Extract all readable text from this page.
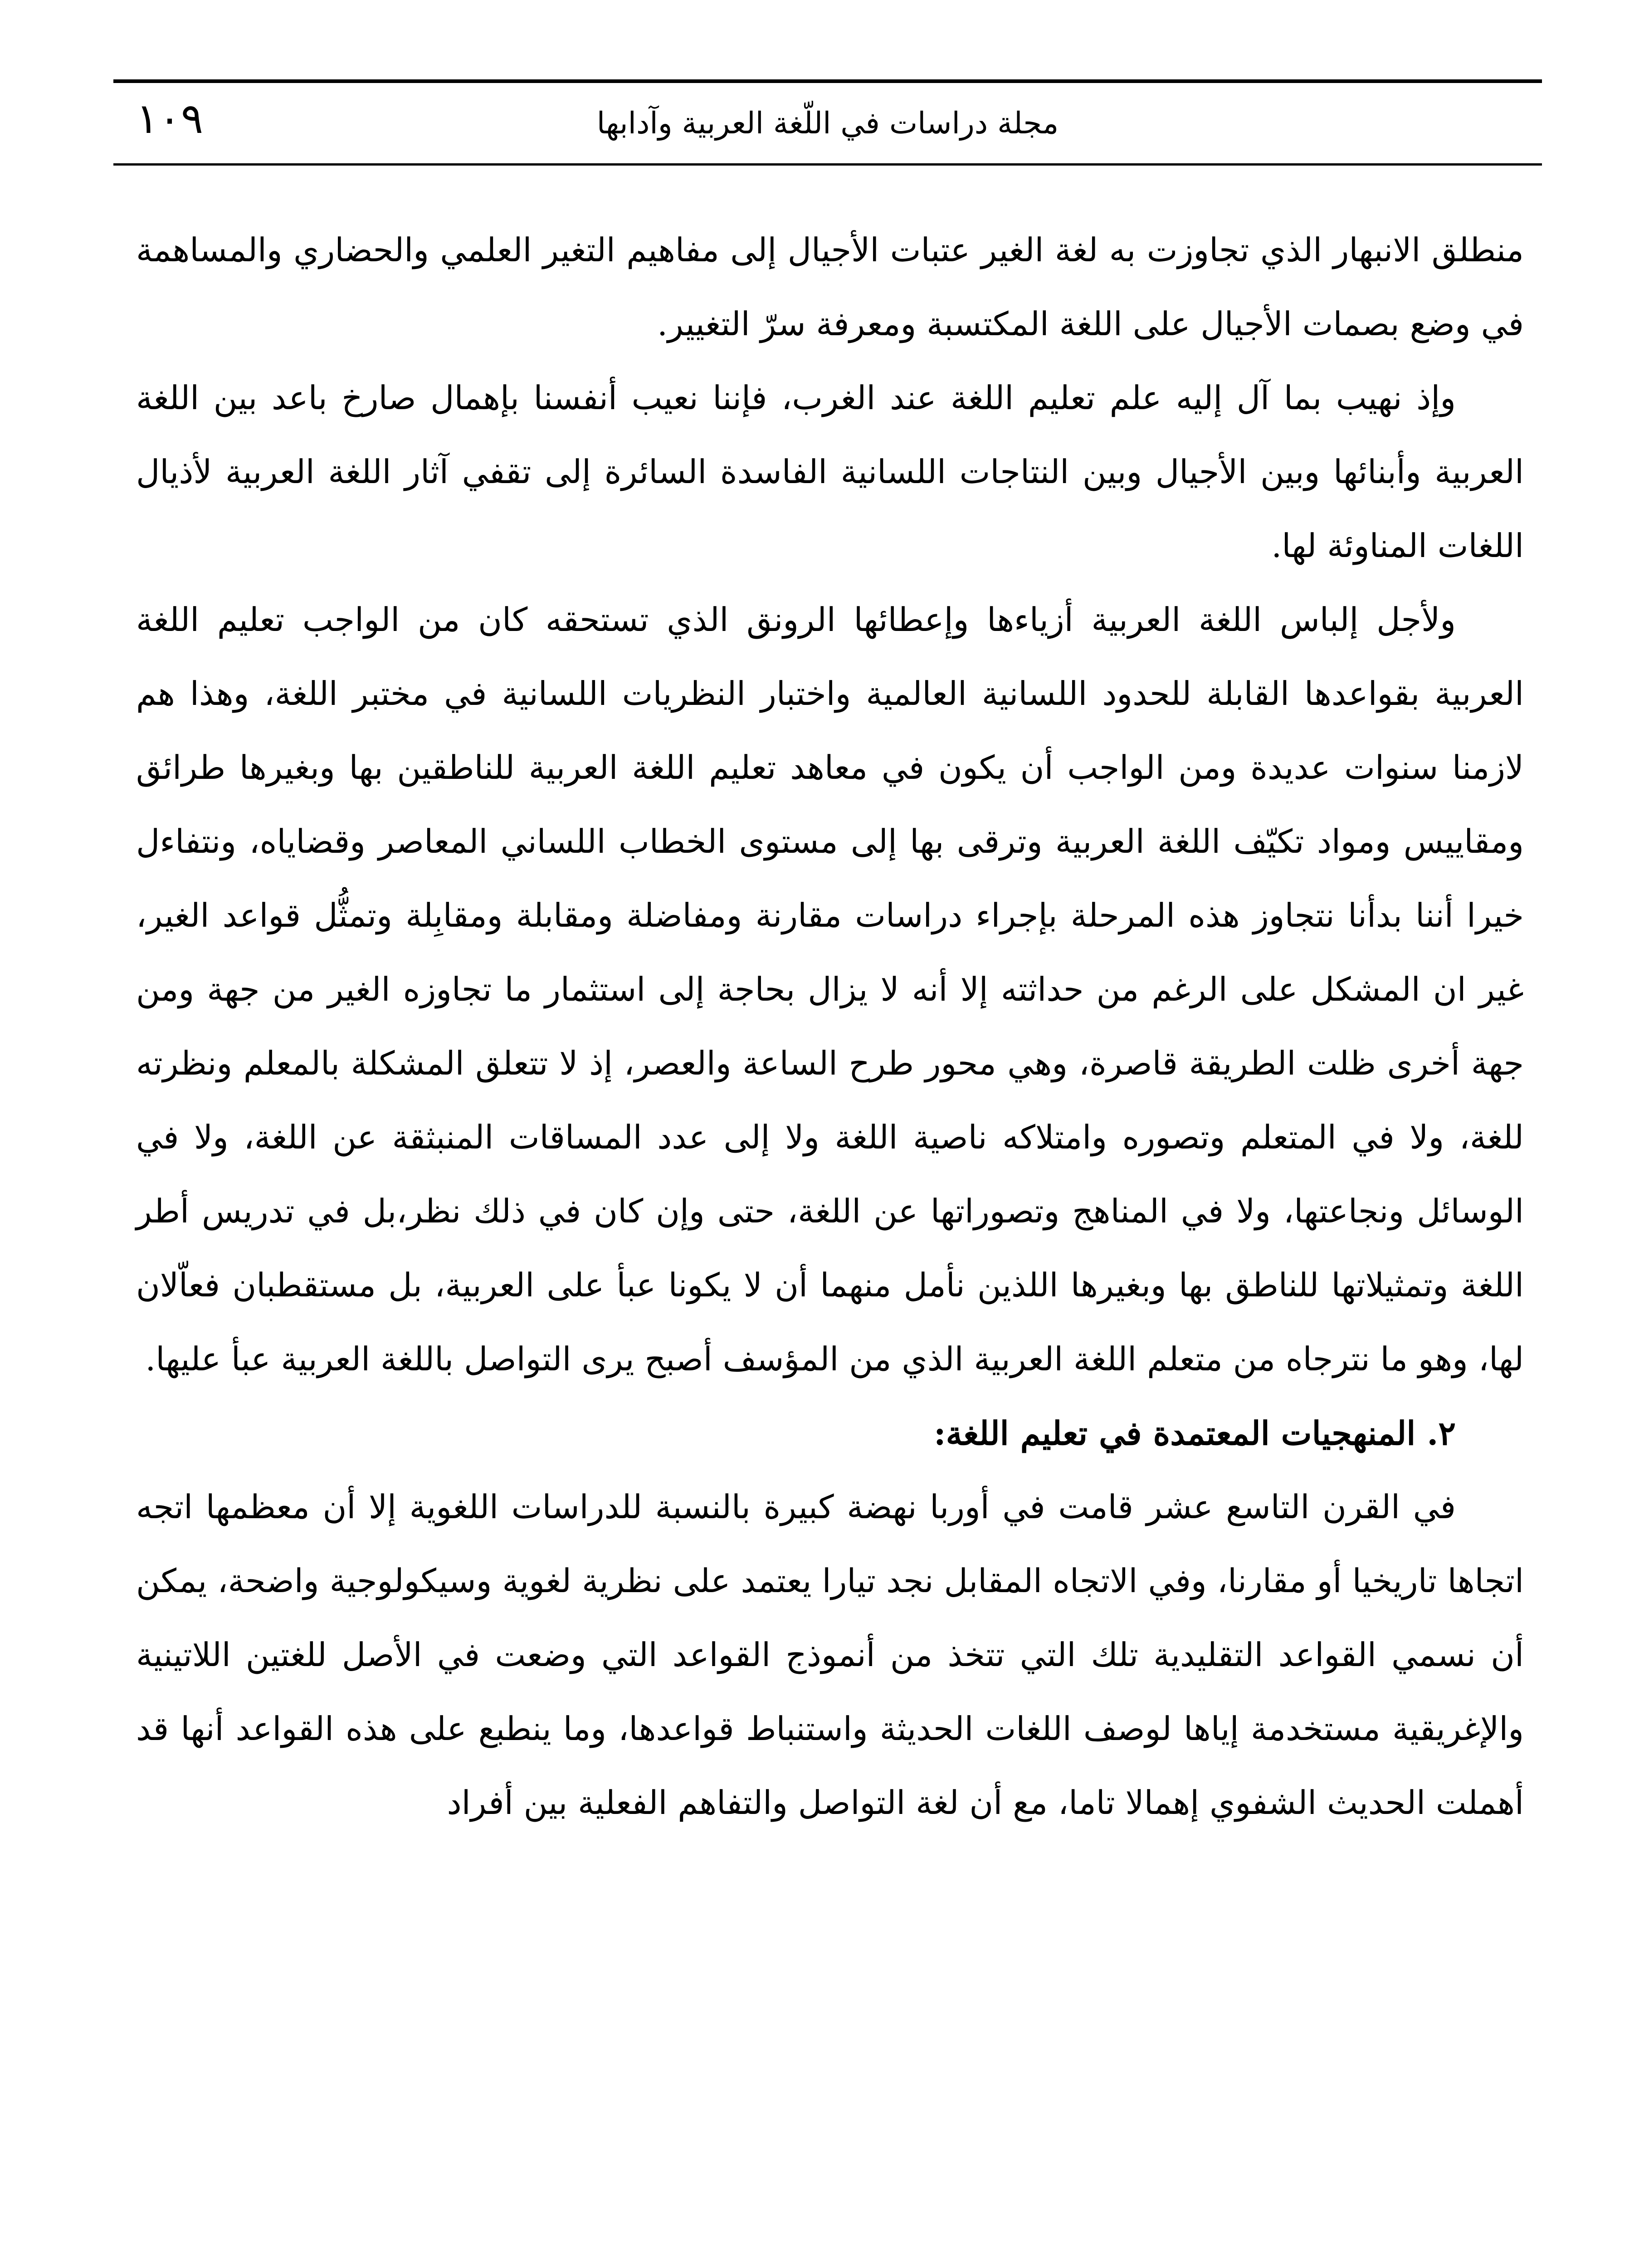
١٠٩	مجلة دراسات في اللّغة العربية وآدابها

منطلق الانبهار الذي تجاوزت به لغة الغير عتبات الأجيال إلى مفاهيم التغير العلمي والحضاري والمساهمة في وضع بصمات الأجيال على اللغة المكتسبة ومعرفة سرّ التغيير.

وإذ نهيب بما آل إليه علم تعليم اللغة عند الغرب، فإننا نعيب أنفسنا بإهمال صارخ باعد بين اللغة العربية وأبنائها وبين الأجيال وبين النتاجات اللسانية الفاسدة السائرة إلى تقفي آثار اللغة العربية لأذيال اللغات المناوئة لها.

ولأجل إلباس اللغة العربية أزياءها وإعطائها الرونق الذي تستحقه كان من الواجب تعليم اللغة العربية بقواعدها القابلة للحدود اللسانية العالمية واختبار النظريات اللسانية في مختبر اللغة، وهذا هم لازمنا سنوات عديدة ومن الواجب أن يكون في معاهد تعليم اللغة العربية للناطقين بها وبغيرها طرائق ومقاييس ومواد تكيّف اللغة العربية وترقى بها إلى مستوى الخطاب اللساني المعاصر وقضاياه، ونتفاءل خيرا أننا بدأنا نتجاوز هذه المرحلة بإجراء دراسات مقارنة ومفاضلة ومقابلة ومقابِلة وتمثُّل قواعد الغير، غير ان المشكل على الرغم من حداثته إلا أنه لا يزال بحاجة إلى استثمار ما تجاوزه الغير من جهة ومن جهة أخرى ظلت الطريقة قاصرة، وهي محور طرح الساعة والعصر، إذ لا تتعلق المشكلة بالمعلم ونظرته للغة، ولا في المتعلم وتصوره وامتلاكه ناصية اللغة ولا إلى عدد المساقات المنبثقة عن اللغة، ولا في الوسائل ونجاعتها، ولا في المناهج وتصوراتها عن اللغة، حتى وإن كان في ذلك نظر،بل في تدريس أطر اللغة وتمثيلاتها للناطق بها وبغيرها اللذين نأمل منهما أن لا يكونا عبأ على العربية، بل مستقطبان فعاّلان لها، وهو ما نترجاه من متعلم اللغة العربية الذي من المؤسف أصبح يرى التواصل باللغة العربية عبأ عليها.

٢. المنهجيات المعتمدة في تعليم اللغة:

في القرن التاسع عشر قامت في أوربا نهضة كبيرة بالنسبة للدراسات اللغوية إلا أن معظمها اتجه اتجاها تاريخيا أو مقارنا، وفي الاتجاه المقابل نجد تيارا يعتمد على نظرية لغوية وسيكولوجية واضحة، يمكن أن نسمي القواعد التقليدية تلك التي تتخذ من أنموذج القواعد التي وضعت في الأصل للغتين اللاتينية والإغريقية مستخدمة إياها لوصف اللغات الحديثة واستنباط قواعدها، وما ينطبع على هذه القواعد أنها قد أهملت الحديث الشفوي إهمالا تاما، مع أن لغة التواصل والتفاهم الفعلية بين أفراد
